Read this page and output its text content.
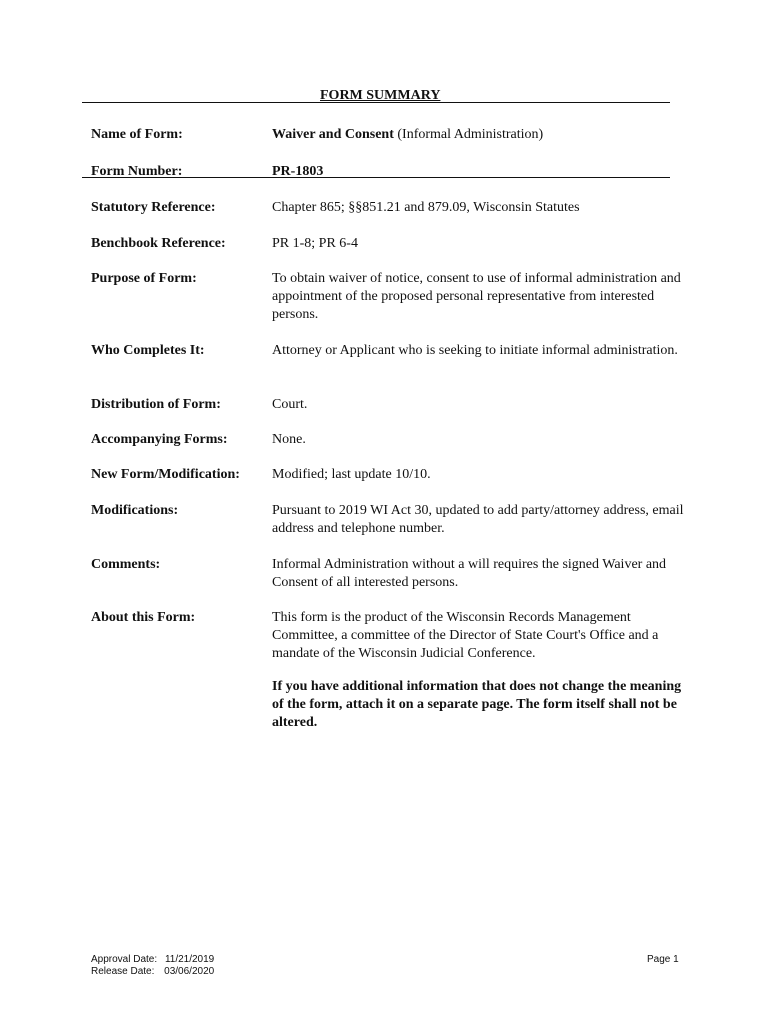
FORM SUMMARY
Name of Form:	Waiver and Consent (Informal Administration)
Form Number:	PR-1803
Statutory Reference:	Chapter 865; §§851.21 and 879.09, Wisconsin Statutes
Benchbook Reference:	PR 1-8; PR 6-4
Purpose of Form:	To obtain waiver of notice, consent to use of informal administration and appointment of the proposed personal representative from interested persons.
Who Completes It:	Attorney or Applicant who is seeking to initiate informal administration.
Distribution of Form:	Court.
Accompanying Forms:	None.
New Form/Modification: Modified; last update 10/10.
Modifications:	Pursuant to 2019 WI Act 30, updated to add party/attorney address, email address and telephone number.
Comments:	Informal Administration without a will requires the signed Waiver and Consent of all interested persons.
About this Form:	This form is the product of the Wisconsin Records Management Committee, a committee of the Director of State Court's Office and a mandate of the Wisconsin Judicial Conference.
If you have additional information that does not change the meaning of the form, attach it on a separate page. The form itself shall not be altered.
Approval Date: 11/21/2019
Release Date: 03/06/2020
Page 1
